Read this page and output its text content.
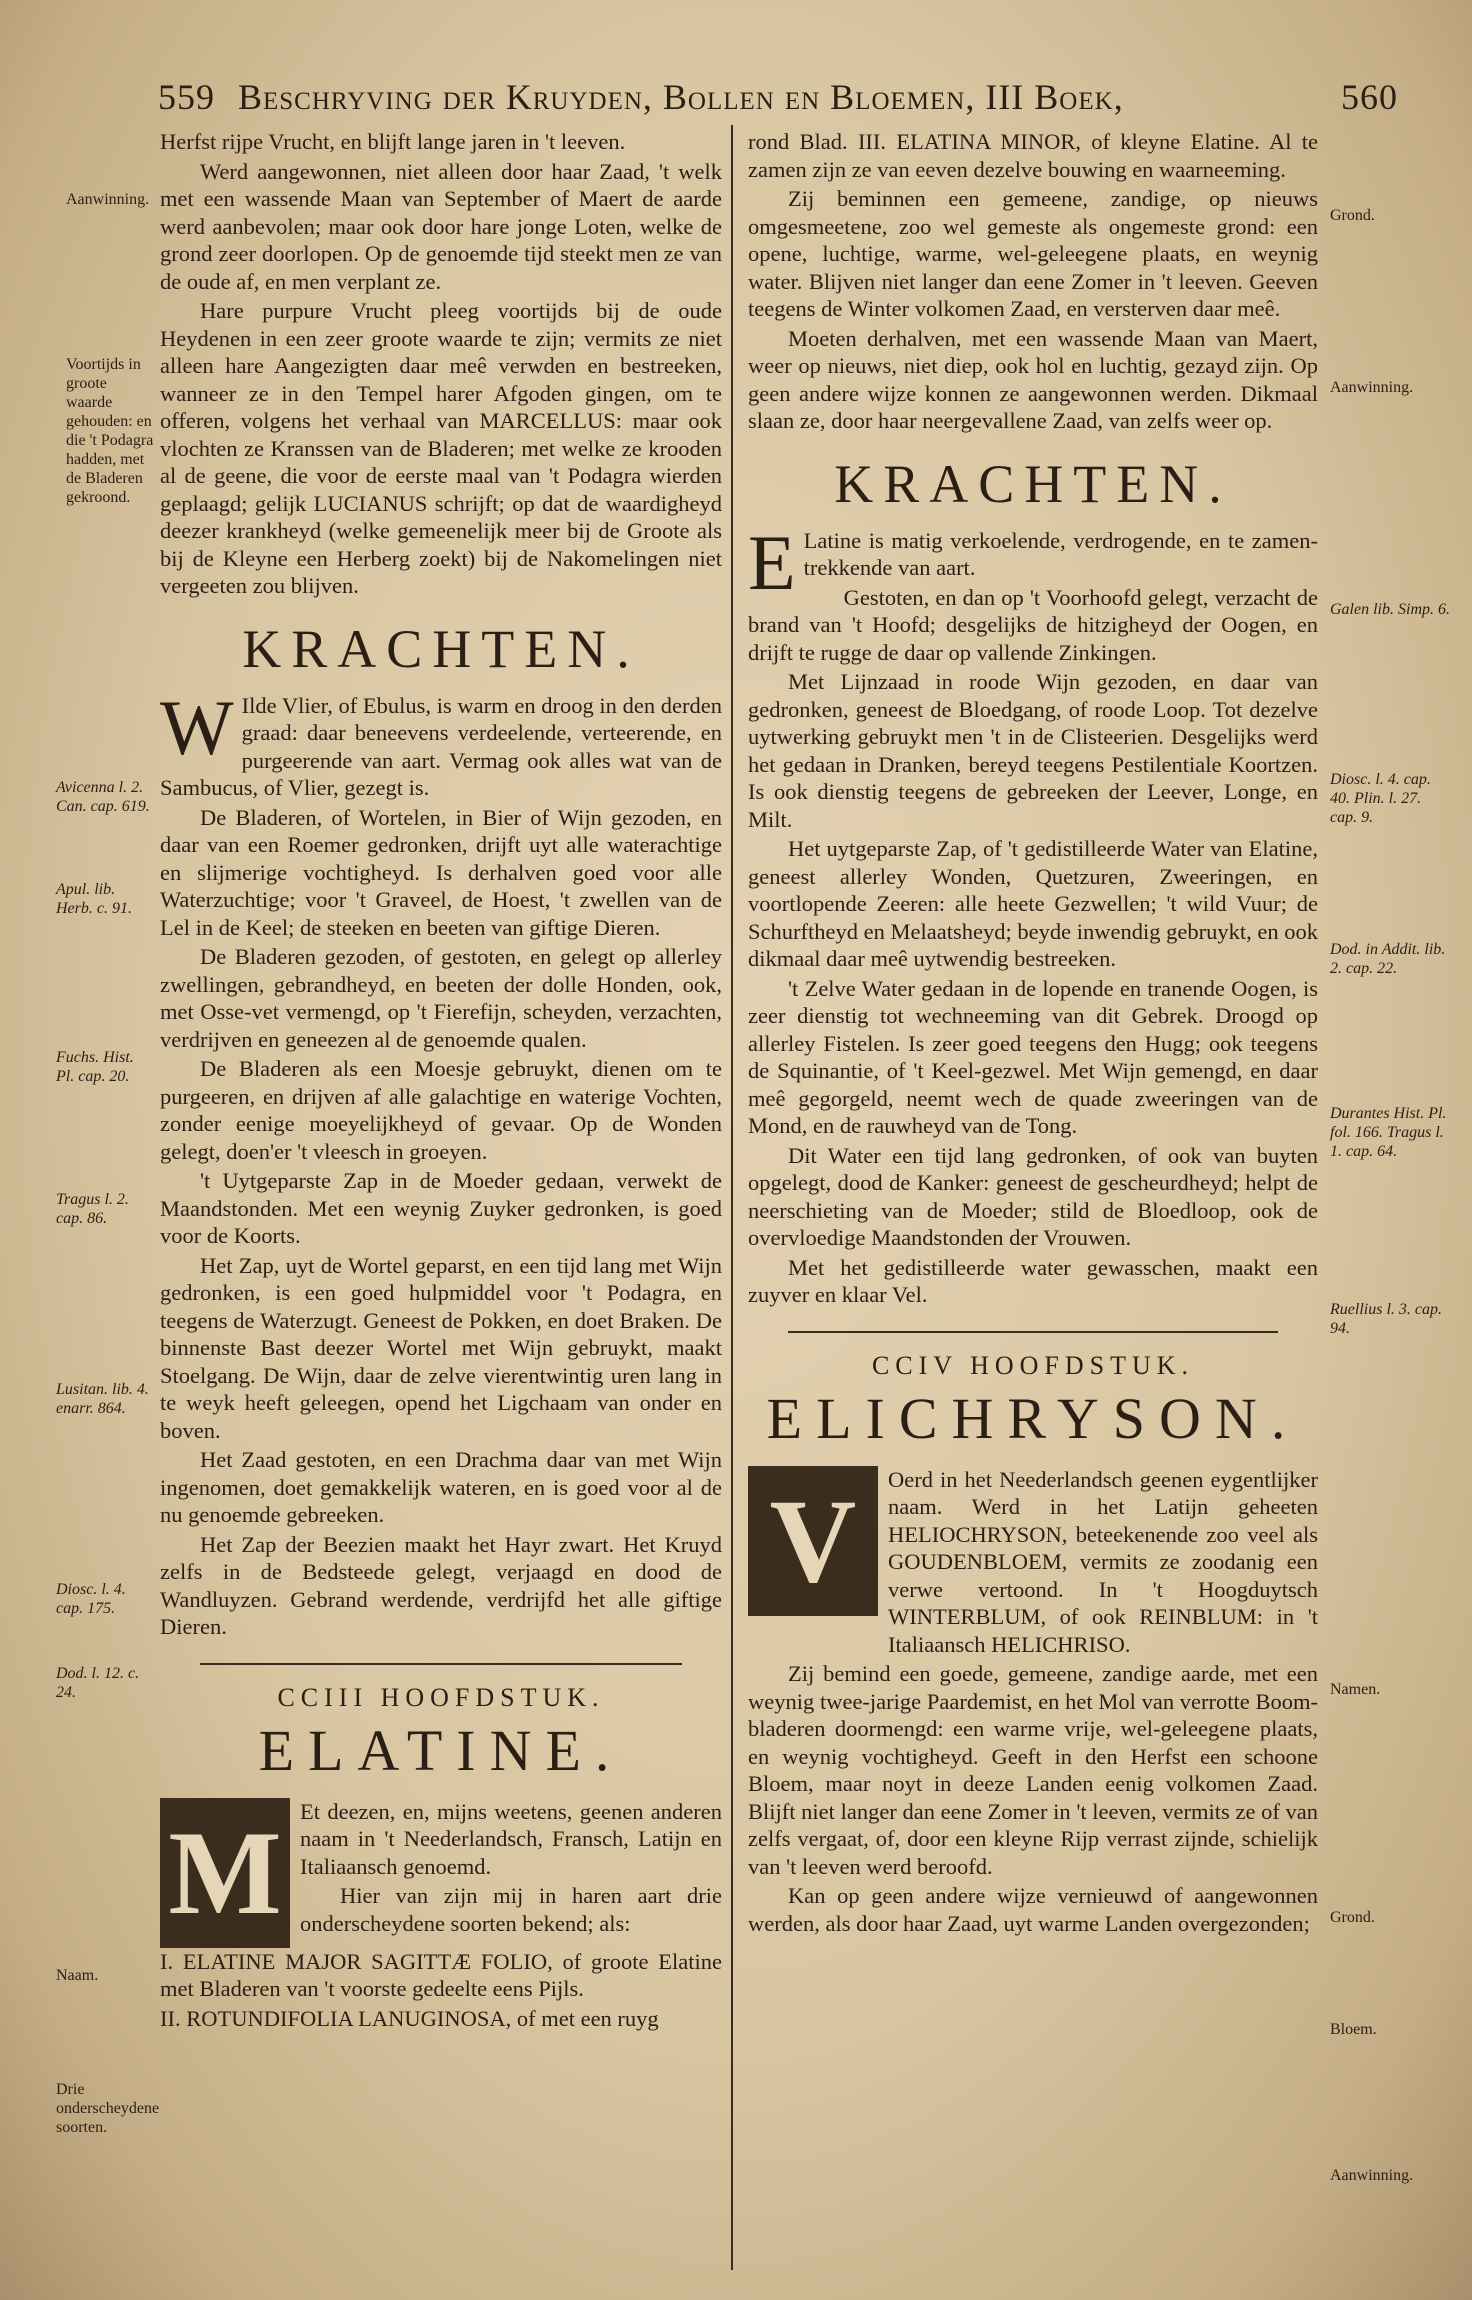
559 Beschryving der Kruyden, Bollen en Bloemen, III Boek,	560
Aanwinning.
Voortijds in groote waarde gehouden: en die 't Podagra hadden, met de Bladeren gekroond.
Avicenna l. 2. Can. cap. 619.
Apul. lib. Herb. c. 91.
Fuchs. Hist. Pl. cap. 20.
Tragus l. 2. cap. 86.
Lusitan. lib. 4. enarr. 864.
Diosc. l. 4. cap. 175.
Dod. l. 12. c. 24.
Naam.
Drie onderscheydene soorten.
Grond.
Aanwinning.
Galen lib. Simp. 6.
Diosc. l. 4. cap. 40. Plin. l. 27. cap. 9.
Dod. in Addit. lib. 2. cap. 22.
Durantes Hist. Pl. fol. 166. Tragus l. 1. cap. 64.
Ruellius l. 3. cap. 94.
Namen.
Grond.
Bloem.
Aanwinning.

Herfst rijpe Vrucht, en blijft lange jaren in 't leeven.

Werd aangewonnen, niet alleen door haar Zaad, 't welk met een wassende Maan van September of Maert de aarde werd aanbevolen; maar ook door hare jonge Loten, welke de grond zeer doorlopen. Op de genoemde tijd steekt men ze van de oude af, en men verplant ze.

Hare purpure Vrucht pleeg voortijds bij de oude Heydenen in een zeer groote waarde te zijn; vermits ze niet alleen hare Aangezigten daar meê verwden en bestreeken, wanneer ze in den Tempel harer Afgoden gingen, om te offeren, volgens het verhaal van MARCELLUS: maar ook vlochten ze Kranssen van de Bladeren; met welke ze krooden al de geene, die voor de eerste maal van 't Podagra wierden geplaagd; gelijk LUCIANUS schrijft; op dat de waardigheyd deezer krankheyd (welke gemeenelijk meer bij de Groote als bij de Kleyne een Herberg zoekt) bij de Nakomelingen niet vergeeten zou blijven.

KRACHTEN.

W Ilde Vlier, of Ebulus, is warm en droog in den derden graad: daar beneevens verdeelende, verteerende, en purgeerende van aart. Vermag ook alles wat van de Sambucus, of Vlier, gezegt is.

De Bladeren, of Wortelen, in Bier of Wijn gezoden, en daar van een Roemer gedronken, drijft uyt alle waterachtige en slijmerige vochtigheyd. Is derhalven goed voor alle Waterzuchtige; voor 't Graveel, de Hoest, 't zwellen van de Lel in de Keel; de steeken en beeten van giftige Dieren.

De Bladeren gezoden, of gestoten, en gelegt op allerley zwellingen, gebrandheyd, en beeten der dolle Honden, ook, met Osse-vet vermengd, op 't Fierefijn, scheyden, verzachten, verdrijven en geneezen al de genoemde qualen.

De Bladeren als een Moesje gebruykt, dienen om te purgeeren, en drijven af alle galachtige en waterige Vochten, zonder eenige moeyelijkheyd of gevaar. Op de Wonden gelegt, doen'er 't vleesch in groeyen.

't Uytgeparste Zap in de Moeder gedaan, verwekt de Maandstonden. Met een weynig Zuyker gedronken, is goed voor de Koorts.

Het Zap, uyt de Wortel geparst, en een tijd lang met Wijn gedronken, is een goed hulpmiddel voor 't Podagra, en teegens de Waterzugt. Geneest de Pokken, en doet Braken. De binnenste Bast deezer Wortel met Wijn gebruykt, maakt Stoelgang. De Wijn, daar de zelve vierentwintig uren lang in te weyk heeft geleegen, opend het Ligchaam van onder en boven.

Het Zaad gestoten, en een Drachma daar van met Wijn ingenomen, doet gemakkelijk wateren, en is goed voor al de nu genoemde gebreeken.

Het Zap der Beezien maakt het Hayr zwart. Het Kruyd zelfs in de Bedsteede gelegt, verjaagd en dood de Wandluyzen. Gebrand werdende, verdrijfd het alle giftige Dieren.

CCIII HOOFDSTUK.
ELATINE.
M Et deezen, en, mijns weetens, geenen anderen naam in 't Neederlandsch, Fransch, Latijn en Italiaansch genoemd.

Hier van zijn mij in haren aart drie onderscheydene soorten bekend; als:

I. ELATINE MAJOR SAGITTÆ FOLIO, of groote Elatine met Bladeren van 't voorste gedeelte eens Pijls.

II. ROTUNDIFOLIA LANUGINOSA, of met een ruyg

rond Blad. III. ELATINA MINOR, of kleyne Elatine. Al te zamen zijn ze van eeven dezelve bouwing en waarneeming.

Zij beminnen een gemeene, zandige, op nieuws omgesmeetene, zoo wel gemeste als ongemeste grond: een opene, luchtige, warme, wel-geleegene plaats, en weynig water. Blijven niet langer dan eene Zomer in 't leeven. Geeven teegens de Winter volkomen Zaad, en versterven daar meê.

Moeten derhalven, met een wassende Maan van Maert, weer op nieuws, niet diep, ook hol en luchtig, gezayd zijn. Op geen andere wijze konnen ze aangewonnen werden. Dikmaal slaan ze, door haar neergevallene Zaad, van zelfs weer op.

KRACHTEN.

E Latine is matig verkoelende, verdrogende, en te zamen-trekkende van aart.

Gestoten, en dan op 't Voorhoofd gelegt, verzacht de brand van 't Hoofd; desgelijks de hitzigheyd der Oogen, en drijft te rugge de daar op vallende Zinkingen.

Met Lijnzaad in roode Wijn gezoden, en daar van gedronken, geneest de Bloedgang, of roode Loop. Tot dezelve uytwerking gebruykt men 't in de Clisteerien. Desgelijks werd het gedaan in Dranken, bereyd teegens Pestilentiale Koortzen. Is ook dienstig teegens de gebreeken der Leever, Longe, en Milt.

Het uytgeparste Zap, of 't gedistilleerde Water van Elatine, geneest allerley Wonden, Quetzuren, Zweeringen, en voortlopende Zeeren: alle heete Gezwellen; 't wild Vuur; de Schurftheyd en Melaatsheyd; beyde inwendig gebruykt, en ook dikmaal daar meê uytwendig bestreeken.

't Zelve Water gedaan in de lopende en tranende Oogen, is zeer dienstig tot wechneeming van dit Gebrek. Droogd op allerley Fistelen. Is zeer goed teegens den Hugg; ook teegens de Squinantie, of 't Keel-gezwel. Met Wijn gemengd, en daar meê gegorgeld, neemt wech de quade zweeringen van de Mond, en de rauwheyd van de Tong.

Dit Water een tijd lang gedronken, of ook van buyten opgelegt, dood de Kanker: geneest de gescheurdheyd; helpt de neerschieting van de Moeder; stild de Bloedloop, ook de overvloedige Maandstonden der Vrouwen.

Met het gedistilleerde water gewasschen, maakt een zuyver en klaar Vel.

CCIV HOOFDSTUK.
ELICHRYSON.
V	Oerd in het Neederlandsch geenen eygentlijker naam. Werd in het Latijn geheeten HELIOCHRYSON, beteekenende zoo veel als GOUDENBLOEM, vermits ze zoodanig een verwe vertoond. In 't Hoogduytsch WINTERBLUM, of ook REINBLUM: in 't Italiaansch HELICHRISO.

Zij bemind een goede, gemeene, zandige aarde, met een weynig twee-jarige Paardemist, en het Mol van verrotte Boom-bladeren doormengd: een warme vrije, wel-geleegene plaats, en weynig vochtigheyd. Geeft in den Herfst een schoone Bloem, maar noyt in deeze Landen eenig volkomen Zaad. Blijft niet langer dan eene Zomer in 't leeven, vermits ze of van zelfs vergaat, of, door een kleyne Rijp verrast zijnde, schielijk van 't leeven werd beroofd.

Kan op geen andere wijze vernieuwd of aangewonnen werden, als door haar Zaad, uyt warme Landen overgezonden;
